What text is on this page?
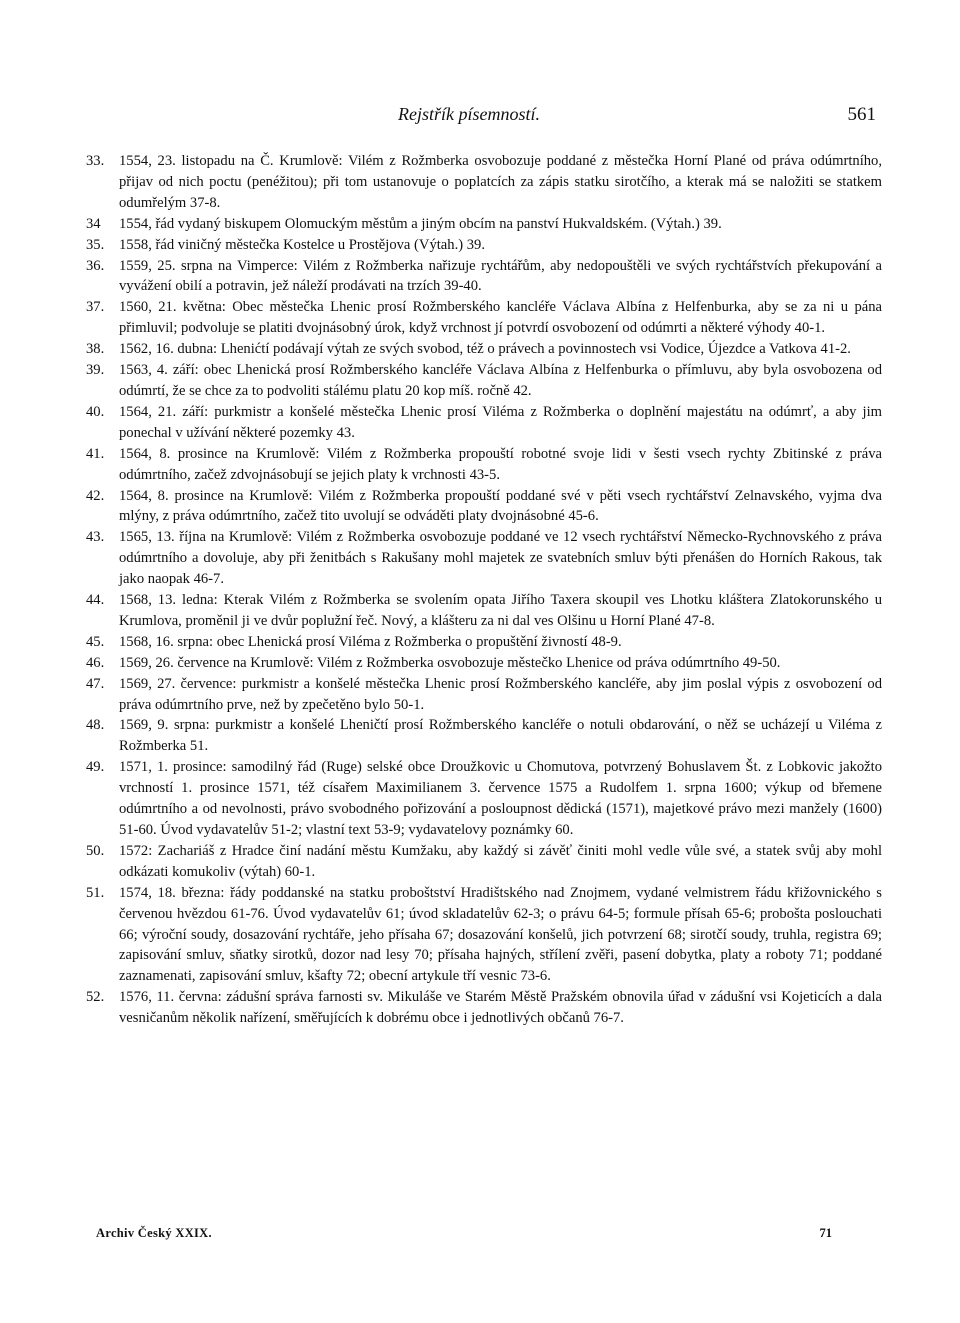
Rejstřík písemností.	561
33.	1554, 23. listopadu na Č. Krumlově: Vilém z Rožmberka osvobozuje poddané z městečka Horní Plané od práva odúmrtního, přijav od nich poctu (penéžitou); při tom ustanovuje o poplatcích za zápis statku sirotčího, a kterak má se naložiti se statkem odumřelým 37-8.
34	1554, řád vydaný biskupem Olomuckým městům a jiným obcím na panství Hukvaldském. (Výtah.) 39.
35.	1558, řád viničný městečka Kostelce u Prostějova (Výtah.) 39.
36.	1559, 25. srpna na Vimperce: Vilém z Rožmberka nařizuje rychtářům, aby nedopouštěli ve svých rychtářstvích překupování a vyvážení obilí a potravin, jež náleží prodávati na trzích 39-40.
37.	1560, 21. května: Obec městečka Lhenic prosí Rožmberského kancléře Václava Albína z Helfenburka, aby se za ni u pána přimluvil; podvoluje se platiti dvojnásobný úrok, když vrchnost jí potvrdí osvobození od odúmrti a některé výhody 40-1.
38.	1562, 16. dubna: Lhenićtí podávají výtah ze svých svobod, též o právech a povinnostech vsi Vodice, Újezdce a Vatkova 41-2.
39.	1563, 4. září: obec Lhenická prosí Rožmberského kancléře Václava Albína z Helfenburka o přímluvu, aby byla osvobozena od odúmrtí, že se chce za to podvoliti stálému platu 20 kop míš. ročně 42.
40.	1564, 21. září: purkmistr a konšelé městečka Lhenic prosí Viléma z Rožmberka o doplnění majestátu na odúmrť, a aby jim ponechal v užívání některé pozemky 43.
41.	1564, 8. prosince na Krumlově: Vilém z Rožmberka propouští robotné svoje lidi v šesti vsech rychty Zbitinské z práva odúmrtního, začež zdvojnásobují se jejich platy k vrchnosti 43-5.
42.	1564, 8. prosince na Krumlově: Vilém z Rožmberka propouští poddané své v pěti vsech rychtářství Zelnavského, vyjma dva mlýny, z práva odúmrtního, začež tito uvolují se odváděti platy dvojnásobné 45-6.
43.	1565, 13. října na Krumlově: Vilém z Rožmberka osvobozuje poddané ve 12 vsech rychtářství Německo-Rychnovského z práva odúmrtního a dovoluje, aby při ženitbách s Rakušany mohl majetek ze svatebních smluv býti přenášen do Horních Rakous, tak jako naopak 46-7.
44.	1568, 13. ledna: Kterak Vilém z Rožmberka se svolením opata Jiřího Taxera skoupil ves Lhotku kláštera Zlatokorunského u Krumlova, proměnil ji ve dvůr poplužní řeč. Nový, a klášteru za ni dal ves Olšinu u Horní Plané 47-8.
45.	1568, 16. srpna: obec Lhenická prosí Viléma z Rožmberka o propuštění živností 48-9.
46.	1569, 26. července na Krumlově: Vilém z Rožmberka osvobozuje městečko Lhenice od práva odúmrtního 49-50.
47.	1569, 27. července: purkmistr a konšelé městečka Lhenic prosí Rožmberského kancléře, aby jim poslal výpis z osvobození od práva odúmrtního prve, než by zpečetěno bylo 50-1.
48.	1569, 9. srpna: purkmistr a konšelé Lheničtí prosí Rožmberského kancléře o notuli obdarování, o něž se ucházejí u Viléma z Rožmberka 51.
49.	1571, 1. prosince: samodilný řád (Ruge) selské obce Droužkovic u Chomutova, potvrzený Bohuslavem Št. z Lobkovic jakožto vrchností 1. prosince 1571, též císařem Maximilianem 3. července 1575 a Rudolfem 1. srpna 1600; výkup od břemene odúmrtního a od nevolnosti, právo svobodného pořizování a posloupnost dědická (1571), majetkové právo mezi manžely (1600) 51-60. Úvod vydavatelův 51-2; vlastní text 53-9; vydavatelovy poznámky 60.
50.	1572: Zachariáš z Hradce činí nadání městu Kumžaku, aby každý si závěť činiti mohl vedle vůle své, a statek svůj aby mohl odkázati komukoliv (výtah) 60-1.
51.	1574, 18. března: řády poddanské na statku proboštství Hradištského nad Znojmem, vydané velmistrem řádu křižovnického s červenou hvězdou 61-76. Úvod vydavatelův 61; úvod skladatelův 62-3; o právu 64-5; formule přísah 65-6; probošta poslouchati 66; výroční soudy, dosazování rychtáře, jeho přísaha 67; dosazování konšelů, jich potvrzení 68; sirotčí soudy, truhla, registra 69; zapisování smluv, sňatky sirotků, dozor nad lesy 70; přísaha hajných, střílení zvěři, pasení dobytka, platy a roboty 71; poddané zaznamenati, zapisování smluv, kšafty 72; obecní artykule tří vesnic 73-6.
52.	1576, 11. června: zádušní správa farnosti sv. Mikuláše ve Starém Městě Pražském obnovila úřad v zádušní vsi Kojeticích a dala vesničanům několik nařízení, směřujících k dobrému obce i jednotlivých občanů 76-7.
Archiv Český XXIX.	71
